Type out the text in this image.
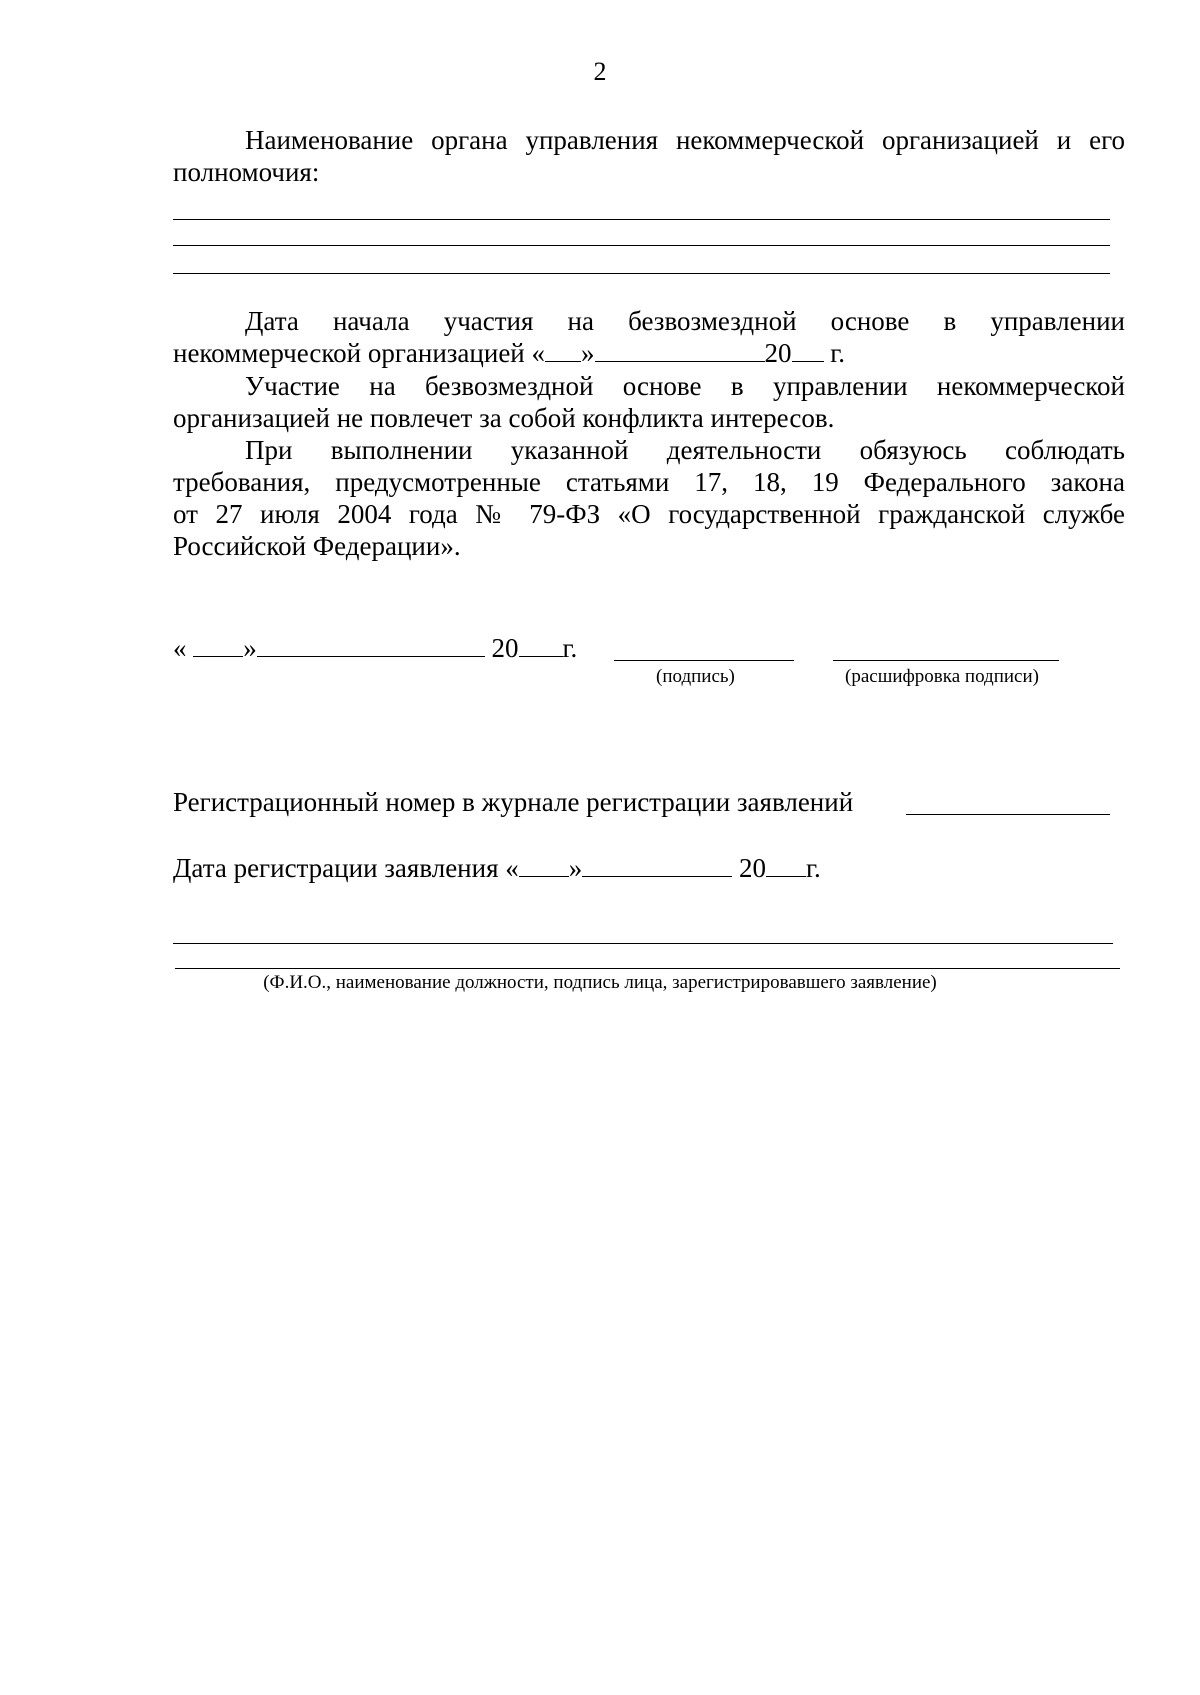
2
Наименование органа управления некоммерческой организацией и его
полномочия:
Дата начала участия на безвозмездной основе в управлении
некоммерческой организацией « »	20 г.
Участие на безвозмездной основе в управлении некоммерческой
организацией не повлечет за собой конфликта интересов.
При выполнении указанной деятельности обязуюсь соблюдать
требования, предусмотренные статьями 17, 18, 19 Федерального закона
от 27 июля 2004 года № 79-ФЗ «О государственной гражданской службе
Российской Федерации».
« »	20 г.
(подпись)	(расшифровка подписи)
Регистрационный номер в журнале регистрации заявлений
Дата регистрации заявления « »	20 г.
(Ф.И.О., наименование должности, подпись лица, зарегистрировавшего заявление)
